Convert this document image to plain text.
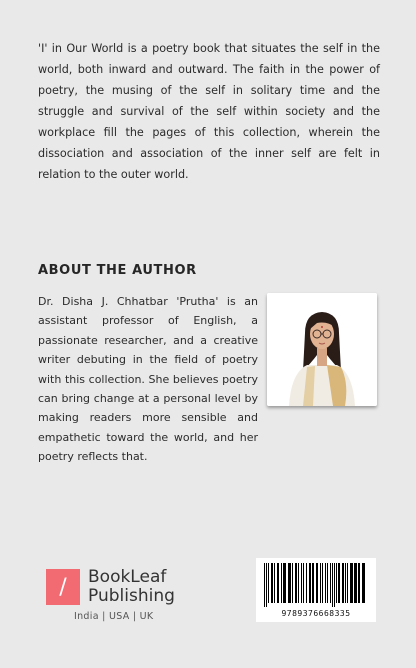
'I' in Our World is a poetry book that situates the self in the world, both inward and outward. The faith in the power of poetry, the musing of the self in solitary time and the struggle and survival of the self within society and the workplace fill the pages of this collection, wherein the dissociation and association of the inner self are felt in relation to the outer world.

ABOUT THE AUTHOR

Dr. Disha J. Chhatbar 'Prutha' is an assistant professor of English, a passionate researcher, and a creative writer debuting in the field of poetry with this collection. She believes poetry can bring change at a personal level by making readers more sensible and empathetic toward the world, and her poetry reflects that.

/	BookLeaf
Publishing
India | USA | UK	9789376668335
